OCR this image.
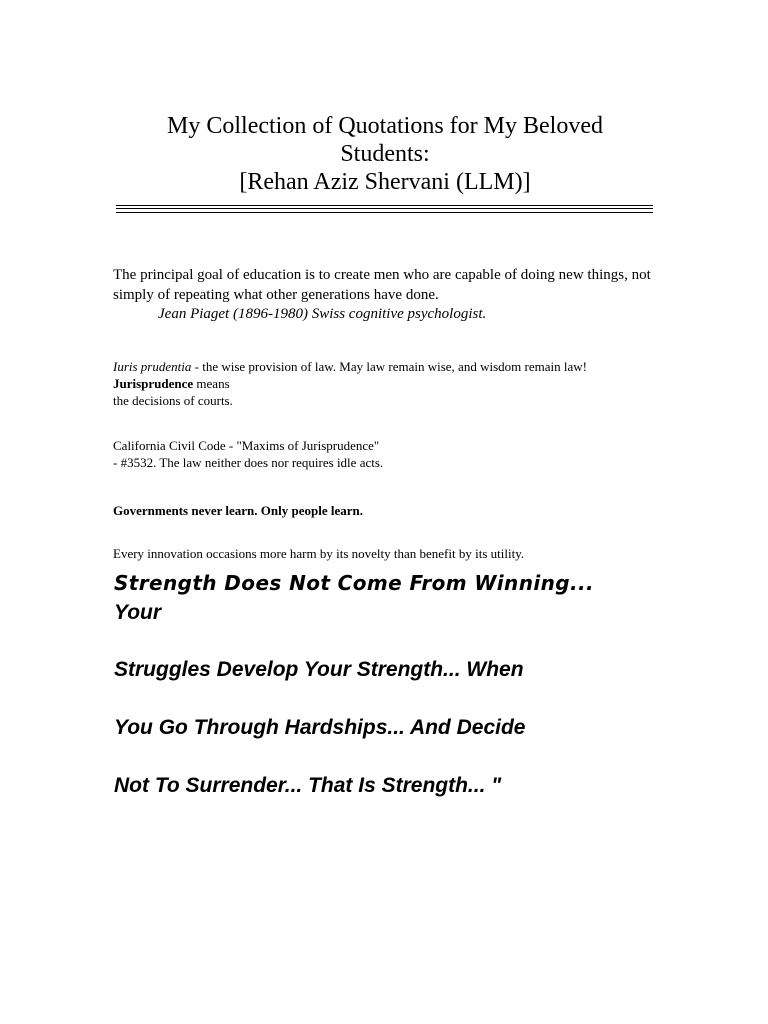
My Collection of Quotations for My Beloved
Students:
[Rehan Aziz Shervani (LLM)]

The principal goal of education is to create men who are capable of doing new things, not simply of repeating what other generations have done.

Jean Piaget (1896-1980) Swiss cognitive psychologist.

Iuris prudentia - the wise provision of law. May law remain wise, and wisdom remain law!
Jurisprudence means
the decisions of courts.

California Civil Code - "Maxims of Jurisprudence"
- #3532. The law neither does nor requires idle acts.

Governments never learn. Only people learn.

Every innovation occasions more harm by its novelty than benefit by its utility.

Strength Does Not Come From Winning...

Your

Struggles Develop Your Strength... When

You Go Through Hardships... And Decide

Not To Surrender... That Is Strength... "
